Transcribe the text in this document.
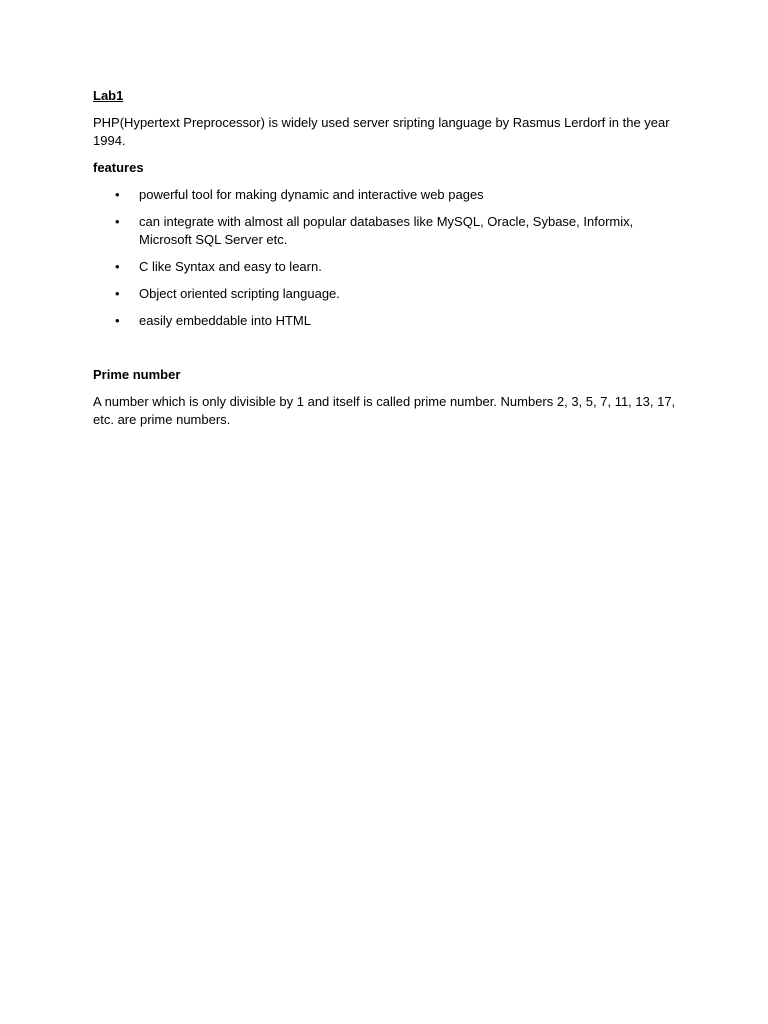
Lab1
PHP(Hypertext Preprocessor) is widely used server sripting language by Rasmus Lerdorf in the year 1994.
features
• powerful tool for making dynamic and interactive web pages
• can integrate with almost all popular databases like MySQL, Oracle, Sybase, Informix, Microsoft SQL Server etc.
• C like Syntax and easy to learn.
• Object oriented scripting language.
• easily embeddable into HTML
Prime number
A number which is only divisible by 1 and itself is called prime number. Numbers 2, 3, 5, 7, 11, 13, 17, etc. are prime numbers.
